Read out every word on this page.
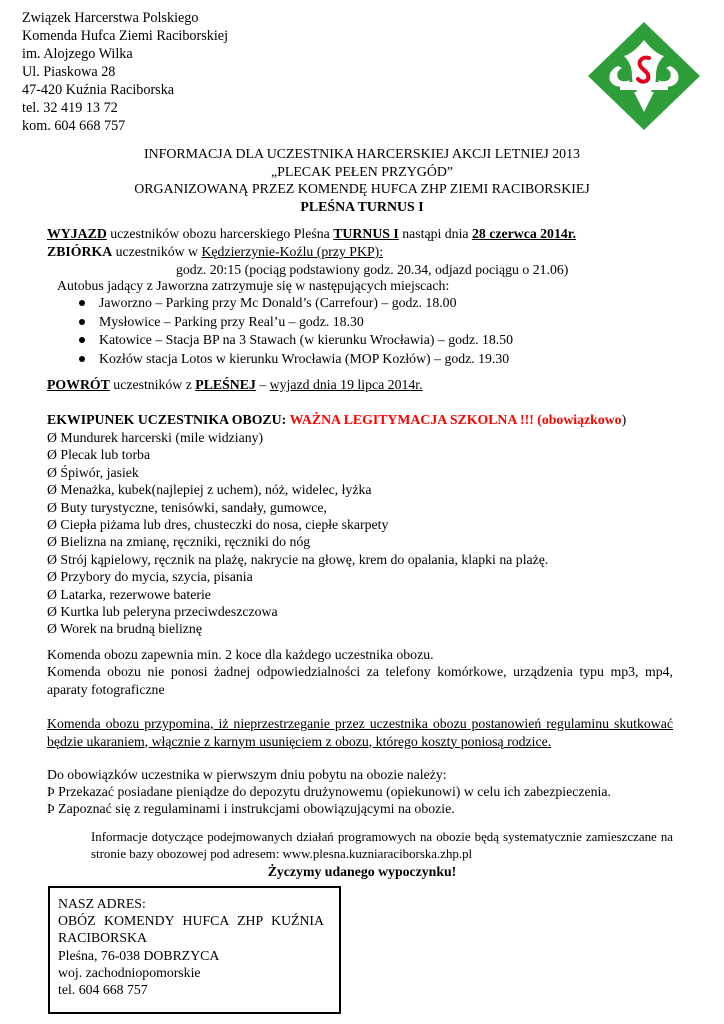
Związek Harcerstwa Polskiego
Komenda Hufca Ziemi Raciborskiej
im. Alojzego Wilka
Ul. Piaskowa 28
47-420 Kuźnia Raciborska
tel. 32 419 13 72
kom. 604 668 757
INFORMACJA DLA UCZESTNIKA HARCERSKIEJ AKCJI LETNIEJ 2013
„PLECAK PEŁEN PRZYGÓD”
ORGANIZOWANĄ PRZEZ KOMENDĘ HUFCA ZHP ZIEMI RACIBORSKIEJ
PLEŚNA TURNUS I
WYJAZD uczestników obozu harcerskiego Pleśna TURNUS I nastąpi dnia 28 czerwca 2014r.
ZBIÓRKA uczestników w Kędzierzynie-Koźlu (przy PKP):
godz. 20:15 (pociąg podstawiony godz. 20.34, odjazd pociągu o 21.06)
Autobus jadący z Jaworzna zatrzymuje się w następujących miejscach:
Jaworzno – Parking przy Mc Donald’s (Carrefour) – godz. 18.00
Mysłowice – Parking przy Real’u – godz. 18.30
Katowice – Stacja BP na 3 Stawach (w kierunku Wrocławia) – godz. 18.50
Kozłów stacja Lotos w kierunku Wrocławia (MOP Kozłów) – godz. 19.30
POWRÓT uczestników z PLEŚNEJ – wyjazd dnia 19 lipca 2014r.
EKWIPUNEK UCZESTNIKA OBOZU: WAŻNA LEGITYMACJA SZKOLNA !!! (obowiązkowo)
Ø Mundurek harcerski (mile widziany)
Ø Plecak lub torba
Ø Śpiwór, jasiek
Ø Menażka, kubek(najlepiej z uchem), nóż, widelec, łyżka
Ø Buty turystyczne, tenisówki, sandały, gumowce,
Ø Ciepła piżama lub dres, chusteczki do nosa, ciepłe skarpety
Ø Bielizna na zmianę, ręczniki, ręczniki do nóg
Ø Strój kąpielowy, ręcznik na plażę, nakrycie na głowę, krem do opalania, klapki na plażę.
Ø Przybory do mycia, szycia, pisania
Ø Latarka, rezerwowe baterie
Ø Kurtka lub peleryna przeciwdeszczowa
Ø Worek na brudną bieliznę
Komenda obozu zapewnia min. 2 koce dla każdego uczestnika obozu.
Komenda obozu nie ponosi żadnej odpowiedzialności za telefony komórkowe, urządzenia typu mp3, mp4, aparaty fotograficzne
Komenda obozu przypomina, iż nieprzestrzeganie przez uczestnika obozu postanowień regulaminu skutkować będzie ukaraniem, włącznie z karnym usunięciem z obozu, którego koszty poniosą rodzice.
Do obowiązków uczestnika w pierwszym dniu pobytu na obozie należy:
Þ Przekazać posiadane pieniądze do depozytu drużynowemu (opiekunowi) w celu ich zabezpieczenia.
Þ Zapoznać się z regulaminami i instrukcjami obowiązującymi na obozie.
Informacje dotyczące podejmowanych działań programowych na obozie będą systematycznie zamieszczane na stronie bazy obozowej pod adresem: www.plesna.kuzniaraciborska.zhp.pl
Życzymy udanego wypoczynku!
NASZ ADRES:
OBÓZ KOMENDY HUFCA ZHP KUŹNIA
RACIBORSKA
Pleśna, 76-038 DOBRZYCA
woj. zachodniopomorskie
tel. 604 668 757
